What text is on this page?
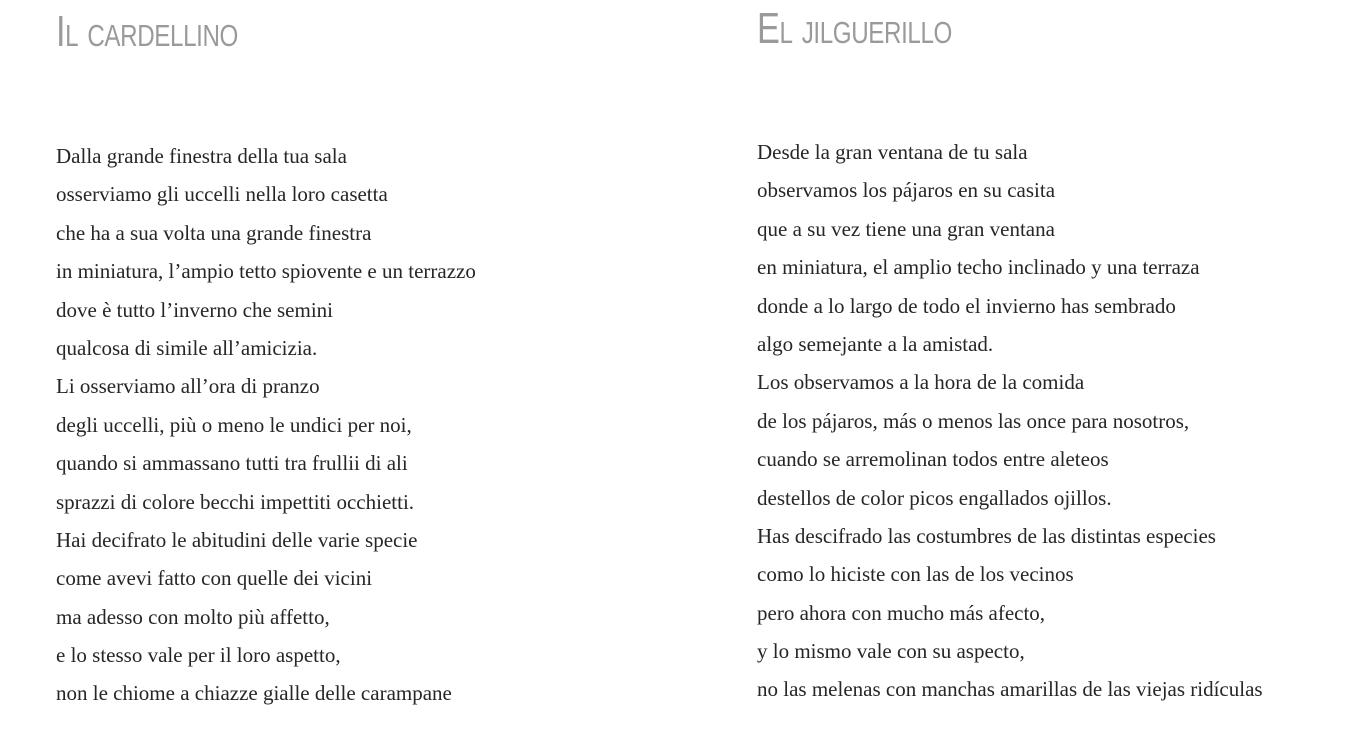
Il cardellino
Dalla grande finestra della tua sala
osserviamo gli uccelli nella loro casetta
che ha a sua volta una grande finestra
in miniatura, l’ampio tetto spiovente e un terrazzo
dove è tutto l’inverno che semini
qualcosa di simile all’amicizia.
Li osserviamo all’ora di pranzo
degli uccelli, più o meno le undici per noi,
quando si ammassano tutti tra frullii di ali
sprazzi di colore becchi impettiti occhietti.
Hai decifrato le abitudini delle varie specie
come avevi fatto con quelle dei vicini
ma adesso con molto più affetto,
e lo stesso vale per il loro aspetto,
non le chiome a chiazze gialle delle carampane
El jilguerillo
Desde la gran ventana de tu sala
observamos los pájaros en su casita
que a su vez tiene una gran ventana
en miniatura, el amplio techo inclinado y una terraza
donde a lo largo de todo el invierno has sembrado
algo semejante a la amistad.
Los observamos a la hora de la comida
de los pájaros, más o menos las once para nosotros,
cuando se arremolinan todos entre aleteos
destellos de color picos engallados ojillos.
Has descifrado las costumbres de las distintas especies
como lo hiciste con las de los vecinos
pero ahora con mucho más afecto,
y lo mismo vale con su aspecto,
no las melenas con manchas amarillas de las viejas ridículas
